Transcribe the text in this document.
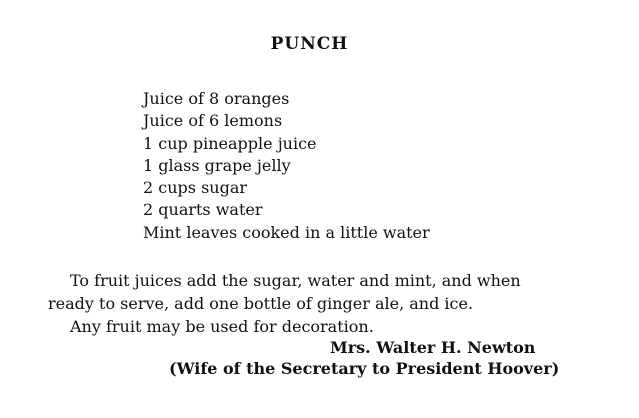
PUNCH
Juice of 8 oranges
Juice of 6 lemons
1 cup pineapple juice
1 glass grape jelly
2 cups sugar
2 quarts water
Mint leaves cooked in a little water

To fruit juices add the sugar, water and mint, and when

ready to serve, add one bottle of ginger ale, and ice.

Any fruit may be used for decoration.

Mrs. Walter H. Newton
(Wife of the Secretary to President Hoover)
